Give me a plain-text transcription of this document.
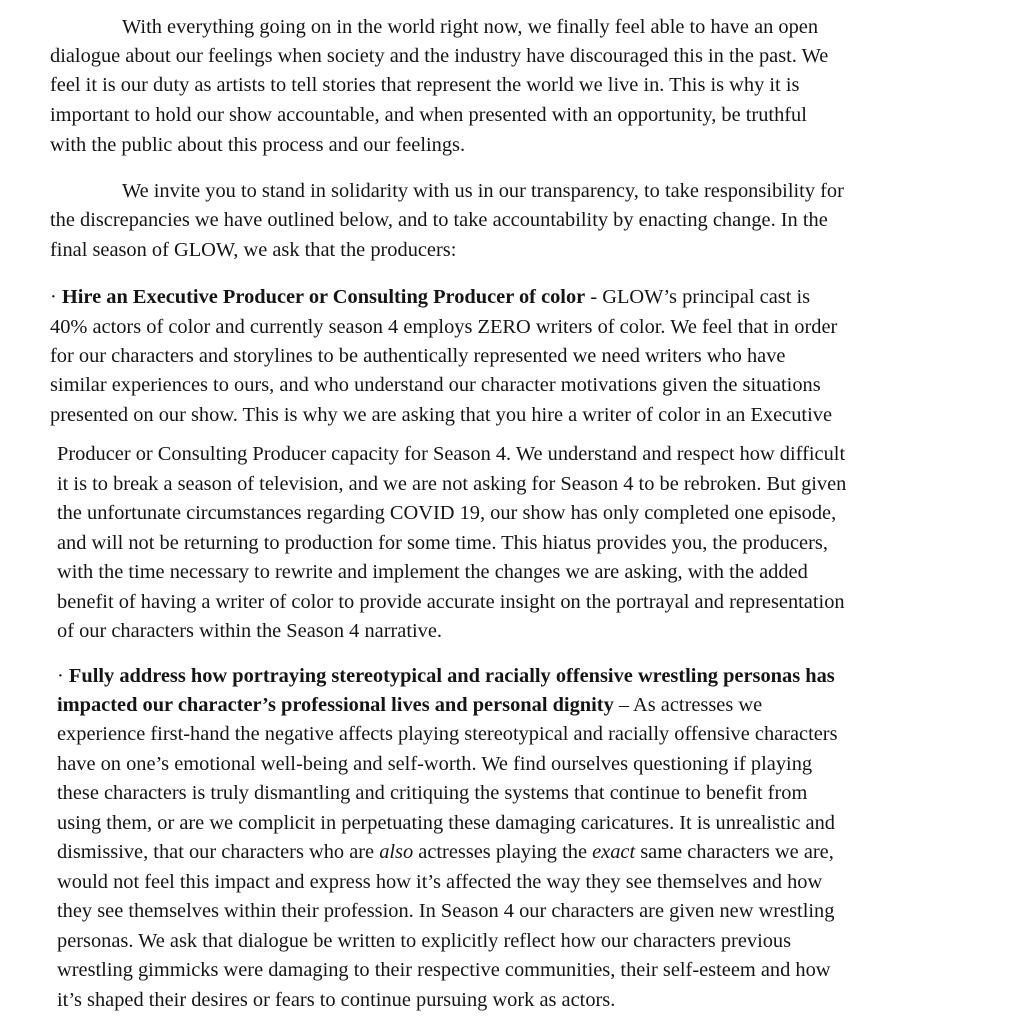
With everything going on in the world right now, we finally feel able to have an open
dialogue about our feelings when society and the industry have discouraged this in the past. We
feel it is our duty as artists to tell stories that represent the world we live in. This is why it is
important to hold our show accountable, and when presented with an opportunity, be truthful
with the public about this process and our feelings.
We invite you to stand in solidarity with us in our transparency, to take responsibility for
the discrepancies we have outlined below, and to take accountability by enacting change. In the
final season of GLOW, we ask that the producers:
· Hire an Executive Producer or Consulting Producer of color - GLOW’s principal cast is
40% actors of color and currently season 4 employs ZERO writers of color. We feel that in order
for our characters and storylines to be authentically represented we need writers who have
similar experiences to ours, and who understand our character motivations given the situations
presented on our show. This is why we are asking that you hire a writer of color in an Executive
Producer or Consulting Producer capacity for Season 4. We understand and respect how difficult
it is to break a season of television, and we are not asking for Season 4 to be rebroken. But given
the unfortunate circumstances regarding COVID 19, our show has only completed one episode,
and will not be returning to production for some time. This hiatus provides you, the producers,
with the time necessary to rewrite and implement the changes we are asking, with the added
benefit of having a writer of color to provide accurate insight on the portrayal and representation
of our characters within the Season 4 narrative.
· Fully address how portraying stereotypical and racially offensive wrestling personas has
impacted our character’s professional lives and personal dignity – As actresses we
experience first-hand the negative affects playing stereotypical and racially offensive characters
have on one’s emotional well-being and self-worth. We find ourselves questioning if playing
these characters is truly dismantling and critiquing the systems that continue to benefit from
using them, or are we complicit in perpetuating these damaging caricatures. It is unrealistic and
dismissive, that our characters who are also actresses playing the exact same characters we are,
would not feel this impact and express how it’s affected the way they see themselves and how
they see themselves within their profession. In Season 4 our characters are given new wrestling
personas. We ask that dialogue be written to explicitly reflect how our characters previous
wrestling gimmicks were damaging to their respective communities, their self-esteem and how
it’s shaped their desires or fears to continue pursuing work as actors.
